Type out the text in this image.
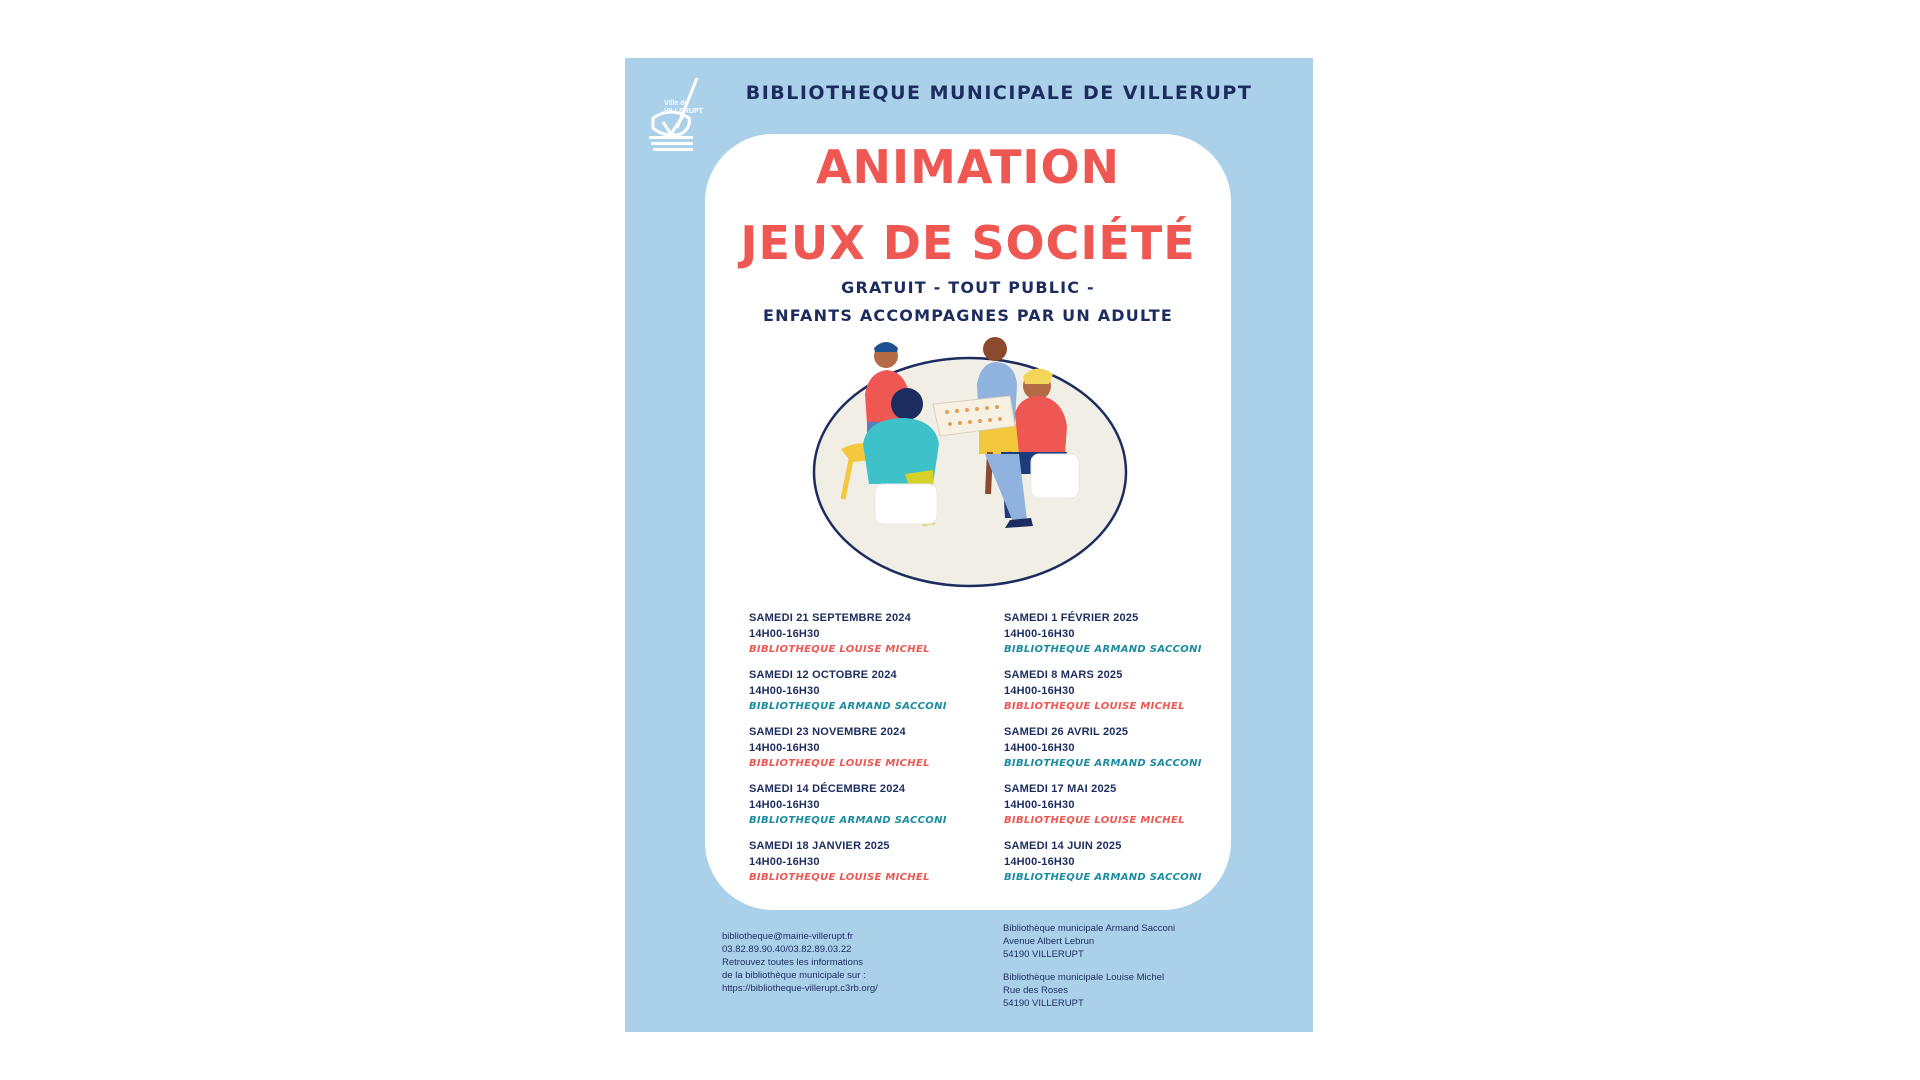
Ville de
VILLERUPT
BIBLIOTHEQUE MUNICIPALE DE VILLERUPT
ANIMATION
JEUX DE SOCIÉTÉ
GRATUIT - TOUT PUBLIC -
ENFANTS ACCOMPAGNES PAR UN ADULTE
SAMEDI 21 SEPTEMBRE 2024
14H00-16H30
BIBLIOTHEQUE LOUISE MICHEL
SAMEDI 12 OCTOBRE 2024
14H00-16H30
BIBLIOTHEQUE ARMAND SACCONI
SAMEDI 23 NOVEMBRE 2024
14H00-16H30
BIBLIOTHEQUE LOUISE MICHEL
SAMEDI 14 DÉCEMBRE 2024
14H00-16H30
BIBLIOTHEQUE ARMAND SACCONI
SAMEDI 18 JANVIER 2025
14H00-16H30
BIBLIOTHEQUE LOUISE MICHEL
SAMEDI 1 FÉVRIER 2025
14H00-16H30
BIBLIOTHEQUE ARMAND SACCONI
SAMEDI 8 MARS 2025
14H00-16H30
BIBLIOTHEQUE LOUISE MICHEL
SAMEDI 26 AVRIL 2025
14H00-16H30
BIBLIOTHEQUE ARMAND SACCONI
SAMEDI 17 MAI 2025
14H00-16H30
BIBLIOTHEQUE LOUISE MICHEL
SAMEDI 14 JUIN 2025
14H00-16H30
BIBLIOTHEQUE ARMAND SACCONI
bibliotheque@mairie-villerupt.fr
03.82.89.90.40/03.82.89.03.22
Retrouvez toutes les informations
de la bibliothèque municipale sur :
https://bibliotheque-villerupt.c3rb.org/
Bibliothèque municipale Armand Sacconi
Avenue Albert Lebrun
54190 VILLERUPT
Bibliothèque municipale Louise Michel
Rue des Roses
54190 VILLERUPT
